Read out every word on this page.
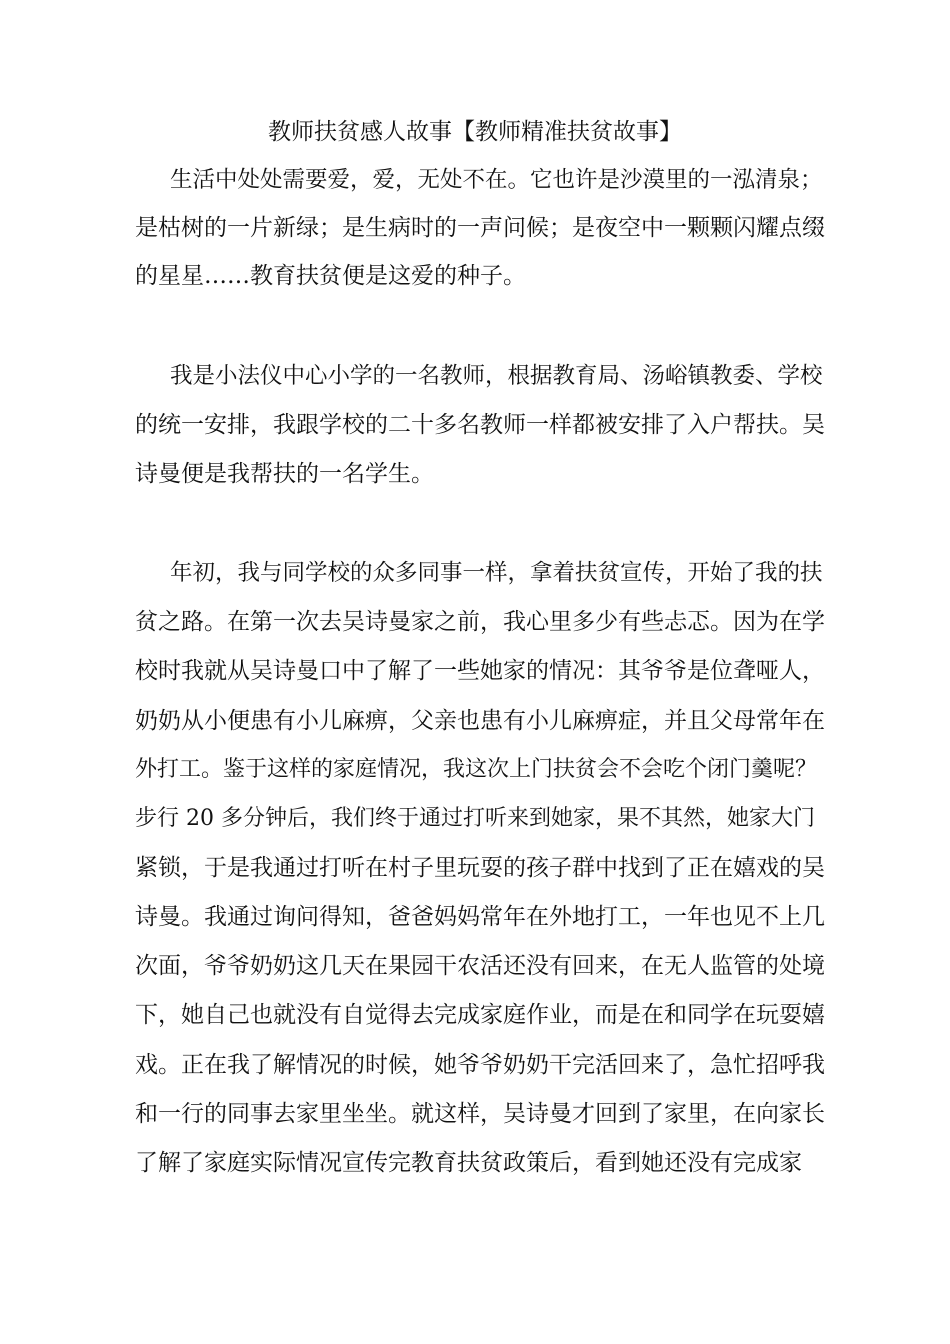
教师扶贫感人故事【教师精准扶贫故事】

生活中处处需要爱，爱，无处不在。它也许是沙漠里的一泓清泉；

是枯树的一片新绿；是生病时的一声问候；是夜空中一颗颗闪耀点缀

的星星……教育扶贫便是这爱的种子。

我是小法仪中心小学的一名教师，根据教育局、汤峪镇教委、学校

的统一安排，我跟学校的二十多名教师一样都被安排了入户帮扶。吴

诗曼便是我帮扶的一名学生。

年初，我与同学校的众多同事一样，拿着扶贫宣传，开始了我的扶

贫之路。在第一次去吴诗曼家之前，我心里多少有些忐忑。因为在学

校时我就从吴诗曼口中了解了一些她家的情况：其爷爷是位聋哑人，

奶奶从小便患有小儿麻痹，父亲也患有小儿麻痹症，并且父母常年在

外打工。鉴于这样的家庭情况，我这次上门扶贫会不会吃个闭门羹呢？

步行 20 多分钟后，我们终于通过打听来到她家，果不其然，她家大门

紧锁，于是我通过打听在村子里玩耍的孩子群中找到了正在嬉戏的吴

诗曼。我通过询问得知，爸爸妈妈常年在外地打工，一年也见不上几

次面，爷爷奶奶这几天在果园干农活还没有回来，在无人监管的处境

下，她自己也就没有自觉得去完成家庭作业，而是在和同学在玩耍嬉

戏。正在我了解情况的时候，她爷爷奶奶干完活回来了，急忙招呼我

和一行的同事去家里坐坐。就这样，吴诗曼才回到了家里，在向家长

了解了家庭实际情况宣传完教育扶贫政策后，看到她还没有完成家
